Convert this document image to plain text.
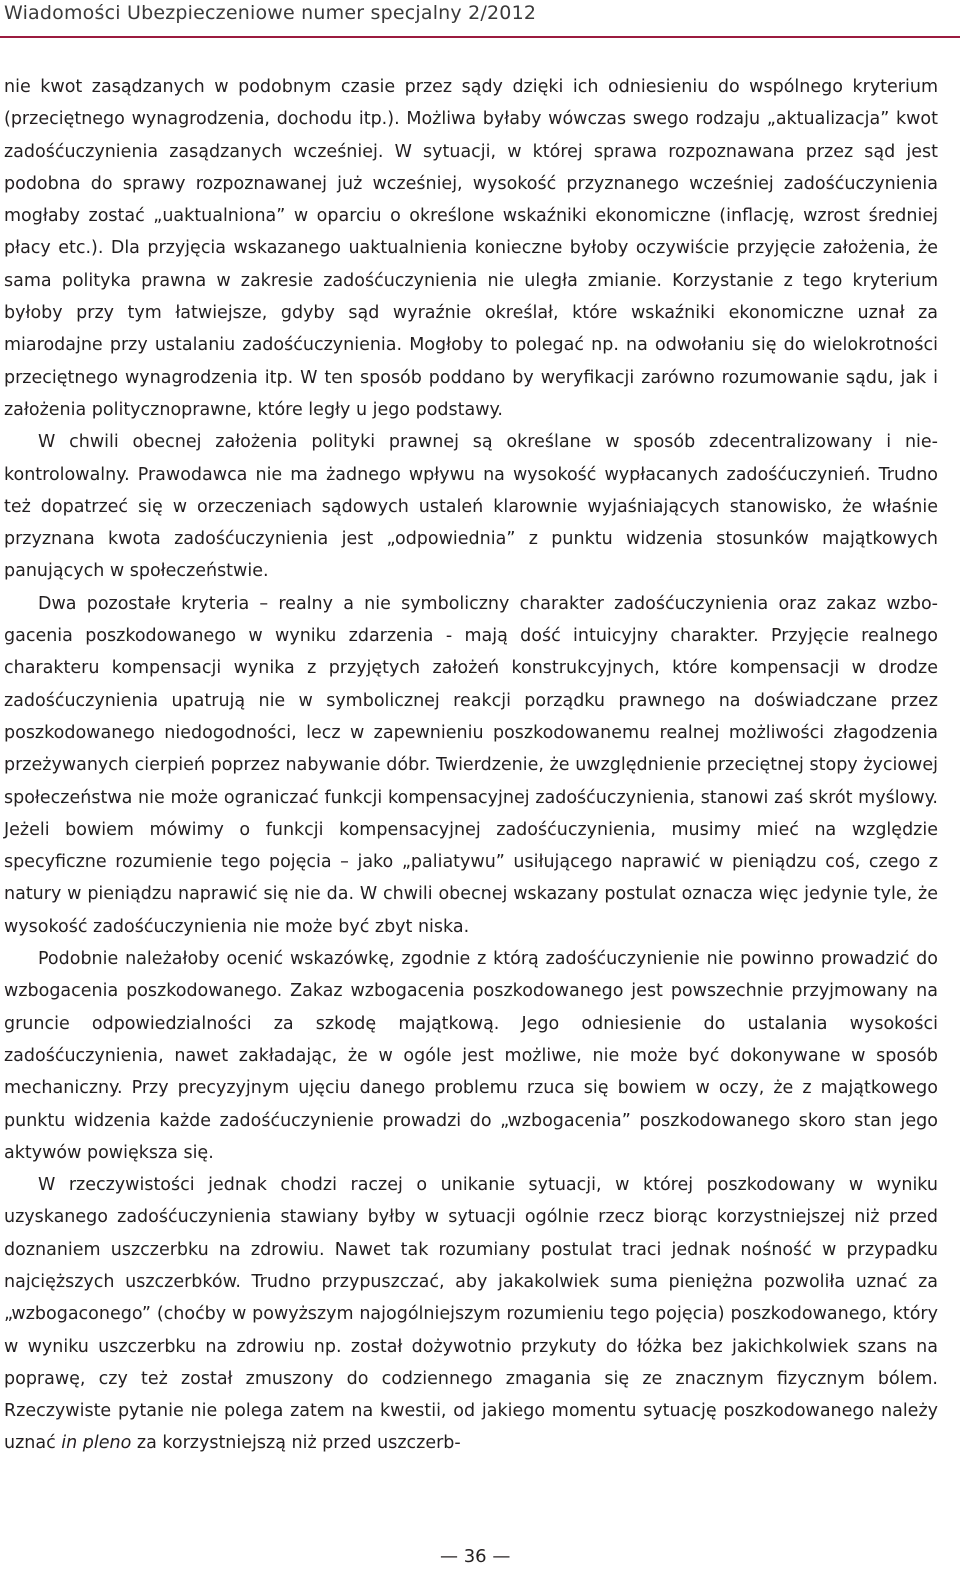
Wiadomości Ubezpieczeniowe numer specjalny 2/2012

nie kwot zasądzanych w podobnym czasie przez sądy dzięki ich odniesieniu do wspólnego kryterium (przeciętnego wynagrodzenia, dochodu itp.). Możliwa byłaby wówczas swego rodzaju „aktualizacja” kwot zadośćuczynienia zasądzanych wcześniej. W sytuacji, w której sprawa rozpoznawana przez sąd jest podobna do sprawy rozpoznawanej już wcześniej, wysokość przyznanego wcześniej zadośćuczynienia mogłaby zostać „uaktualniona” w oparciu o określone wskaźniki ekonomiczne (inflację, wzrost średniej płacy etc.). Dla przyjęcia wskazanego uaktualnienia konieczne byłoby oczywiście przyjęcie założenia, że sama polityka prawna w zakresie zadośćuczynienia nie uległa zmianie. Korzystanie z tego kryterium byłoby przy tym łatwiejsze, gdyby sąd wyraźnie określał, które wskaźniki ekonomiczne uznał za miarodajne przy ustalaniu zadośćuczynienia. Mogłoby to polegać np. na odwołaniu się do wielokrotności przeciętnego wynagrodzenia itp. W ten sposób poddano by weryfikacji zarówno rozumowanie sądu, jak i założenia politycznoprawne, które legły u jego podstawy.

W chwili obecnej założenia polityki prawnej są określane w sposób zdecentralizowany i niekontrolowalny. Prawodawca nie ma żadnego wpływu na wysokość wypłacanych zadośćuczynień. Trudno też dopatrzeć się w orzeczeniach sądowych ustaleń klarownie wyjaśniających stanowisko, że właśnie przyznana kwota zadośćuczynienia jest „odpowiednia” z punktu widzenia stosunków majątkowych panujących w społeczeństwie.

Dwa pozostałe kryteria – realny a nie symboliczny charakter zadośćuczynienia oraz zakaz wzbogacenia poszkodowanego w wyniku zdarzenia - mają dość intuicyjny charakter. Przyjęcie realnego charakteru kompensacji wynika z przyjętych założeń konstrukcyjnych, które kompensacji w drodze zadośćuczynienia upatrują nie w symbolicznej reakcji porządku prawnego na doświadczane przez poszkodowanego niedogodności, lecz w zapewnieniu poszkodowanemu realnej możliwości złagodzenia przeżywanych cierpień poprzez nabywanie dóbr. Twierdzenie, że uwzględnienie przeciętnej stopy życiowej społeczeństwa nie może ograniczać funkcji kompensacyjnej zadośćuczynienia, stanowi zaś skrót myślowy. Jeżeli bowiem mówimy o funkcji kompensacyjnej zadośćuczynienia, musimy mieć na względzie specyficzne rozumienie tego pojęcia – jako „paliatywu” usiłującego naprawić w pieniądzu coś, czego z natury w pieniądzu naprawić się nie da. W chwili obecnej wskazany postulat oznacza więc jedynie tyle, że wysokość zadośćuczynienia nie może być zbyt niska.

Podobnie należałoby ocenić wskazówkę, zgodnie z którą zadośćuczynienie nie powinno prowadzić do wzbogacenia poszkodowanego. Zakaz wzbogacenia poszkodowanego jest powszechnie przyjmowany na gruncie odpowiedzialności za szkodę majątkową. Jego odniesienie do ustalania wysokości zadośćuczynienia, nawet zakładając, że w ogóle jest możliwe, nie może być dokonywane w sposób mechaniczny. Przy precyzyjnym ujęciu danego problemu rzuca się bowiem w oczy, że z majątkowego punktu widzenia każde zadośćuczynienie prowadzi do „wzbogacenia” poszkodowanego skoro stan jego aktywów powiększa się.

W rzeczywistości jednak chodzi raczej o unikanie sytuacji, w której poszkodowany w wyniku uzyskanego zadośćuczynienia stawiany byłby w sytuacji ogólnie rzecz biorąc korzystniejszej niż przed doznaniem uszczerbku na zdrowiu. Nawet tak rozumiany postulat traci jednak nośność w przypadku najcięższych uszczerbków. Trudno przypuszczać, aby jakakolwiek suma pieniężna pozwoliła uznać za „wzbogaconego” (choćby w powyższym najogólniejszym rozumieniu tego pojęcia) poszkodowanego, który w wyniku uszczerbku na zdrowiu np. został dożywotnio przykuty do łóżka bez jakichkolwiek szans na poprawę, czy też został zmuszony do codziennego zmagania się ze znacznym fizycznym bólem. Rzeczywiste pytanie nie polega zatem na kwestii, od jakiego momentu sytuację poszkodowanego należy uznać in pleno za korzystniejszą niż przed uszczerb-

— 36 —
